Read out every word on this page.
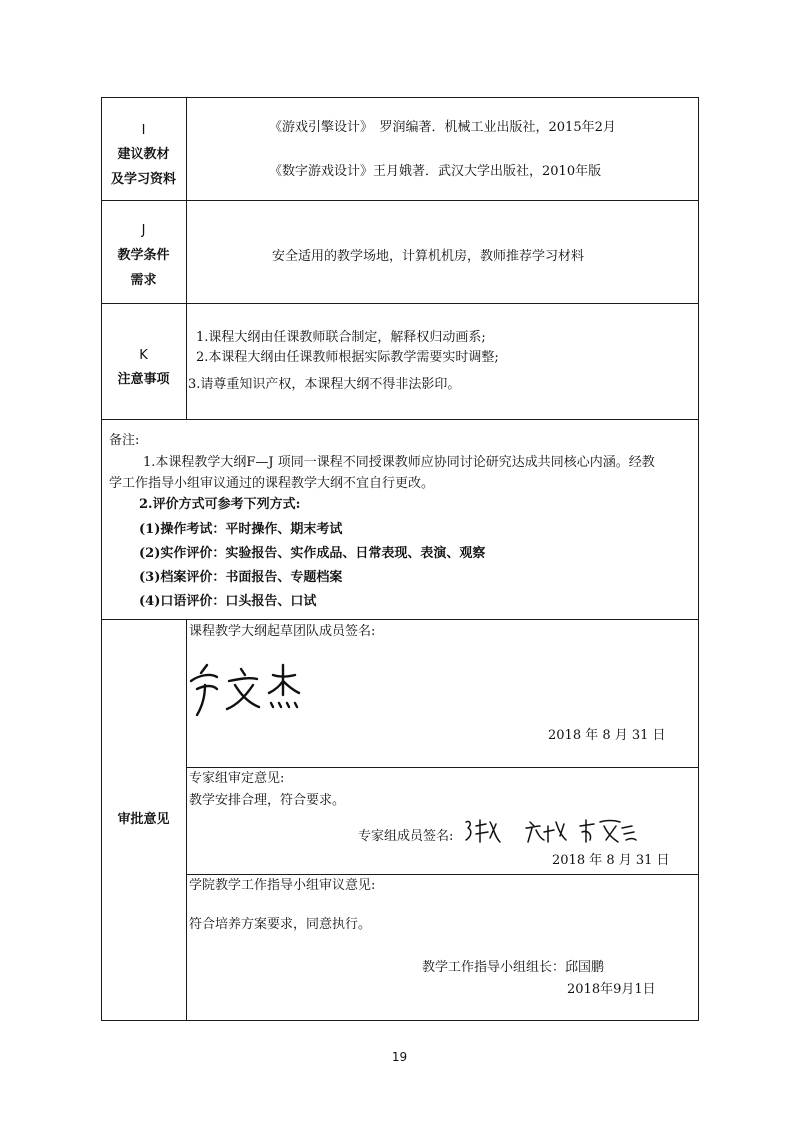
I
建议教材
及学习资料
《游戏引擎设计》　罗润编著．机械工业出版社，2015年2月
《数字游戏设计》王月娥著．武汉大学出版社，2010年版
J
教学条件
需求
安全适用的教学场地，计算机机房，教师推荐学习材料
K
注意事项
1.课程大纲由任课教师联合制定，解释权归动画系;
2.本课程大纲由任课教师根据实际教学需要实时调整;
3.请尊重知识产权，本课程大纲不得非法影印。
备注:
1.本课程教学大纲F—J 项同一课程不同授课教师应协同讨论研究达成共同核心内涵。经教
学工作指导小组审议通过的课程教学大纲不宜自行更改。
2.评价方式可参考下列方式:
(1)操作考试：平时操作、期末考试
(2)实作评价：实验报告、实作成品、日常表现、表演、观察
(3)档案评价：书面报告、专题档案
(4)口语评价：口头报告、口试
审批意见
课程教学大纲起草团队成员签名:
卢文杰
2018 年 8 月 31 日
专家组审定意见:
教学安排合理，符合要求。
专家组成员签名:
2018 年 8 月 31 日
学院教学工作指导小组审议意见:
符合培养方案要求，同意执行。
教学工作指导小组组长：邱国鹏
2018年9月1日
19
